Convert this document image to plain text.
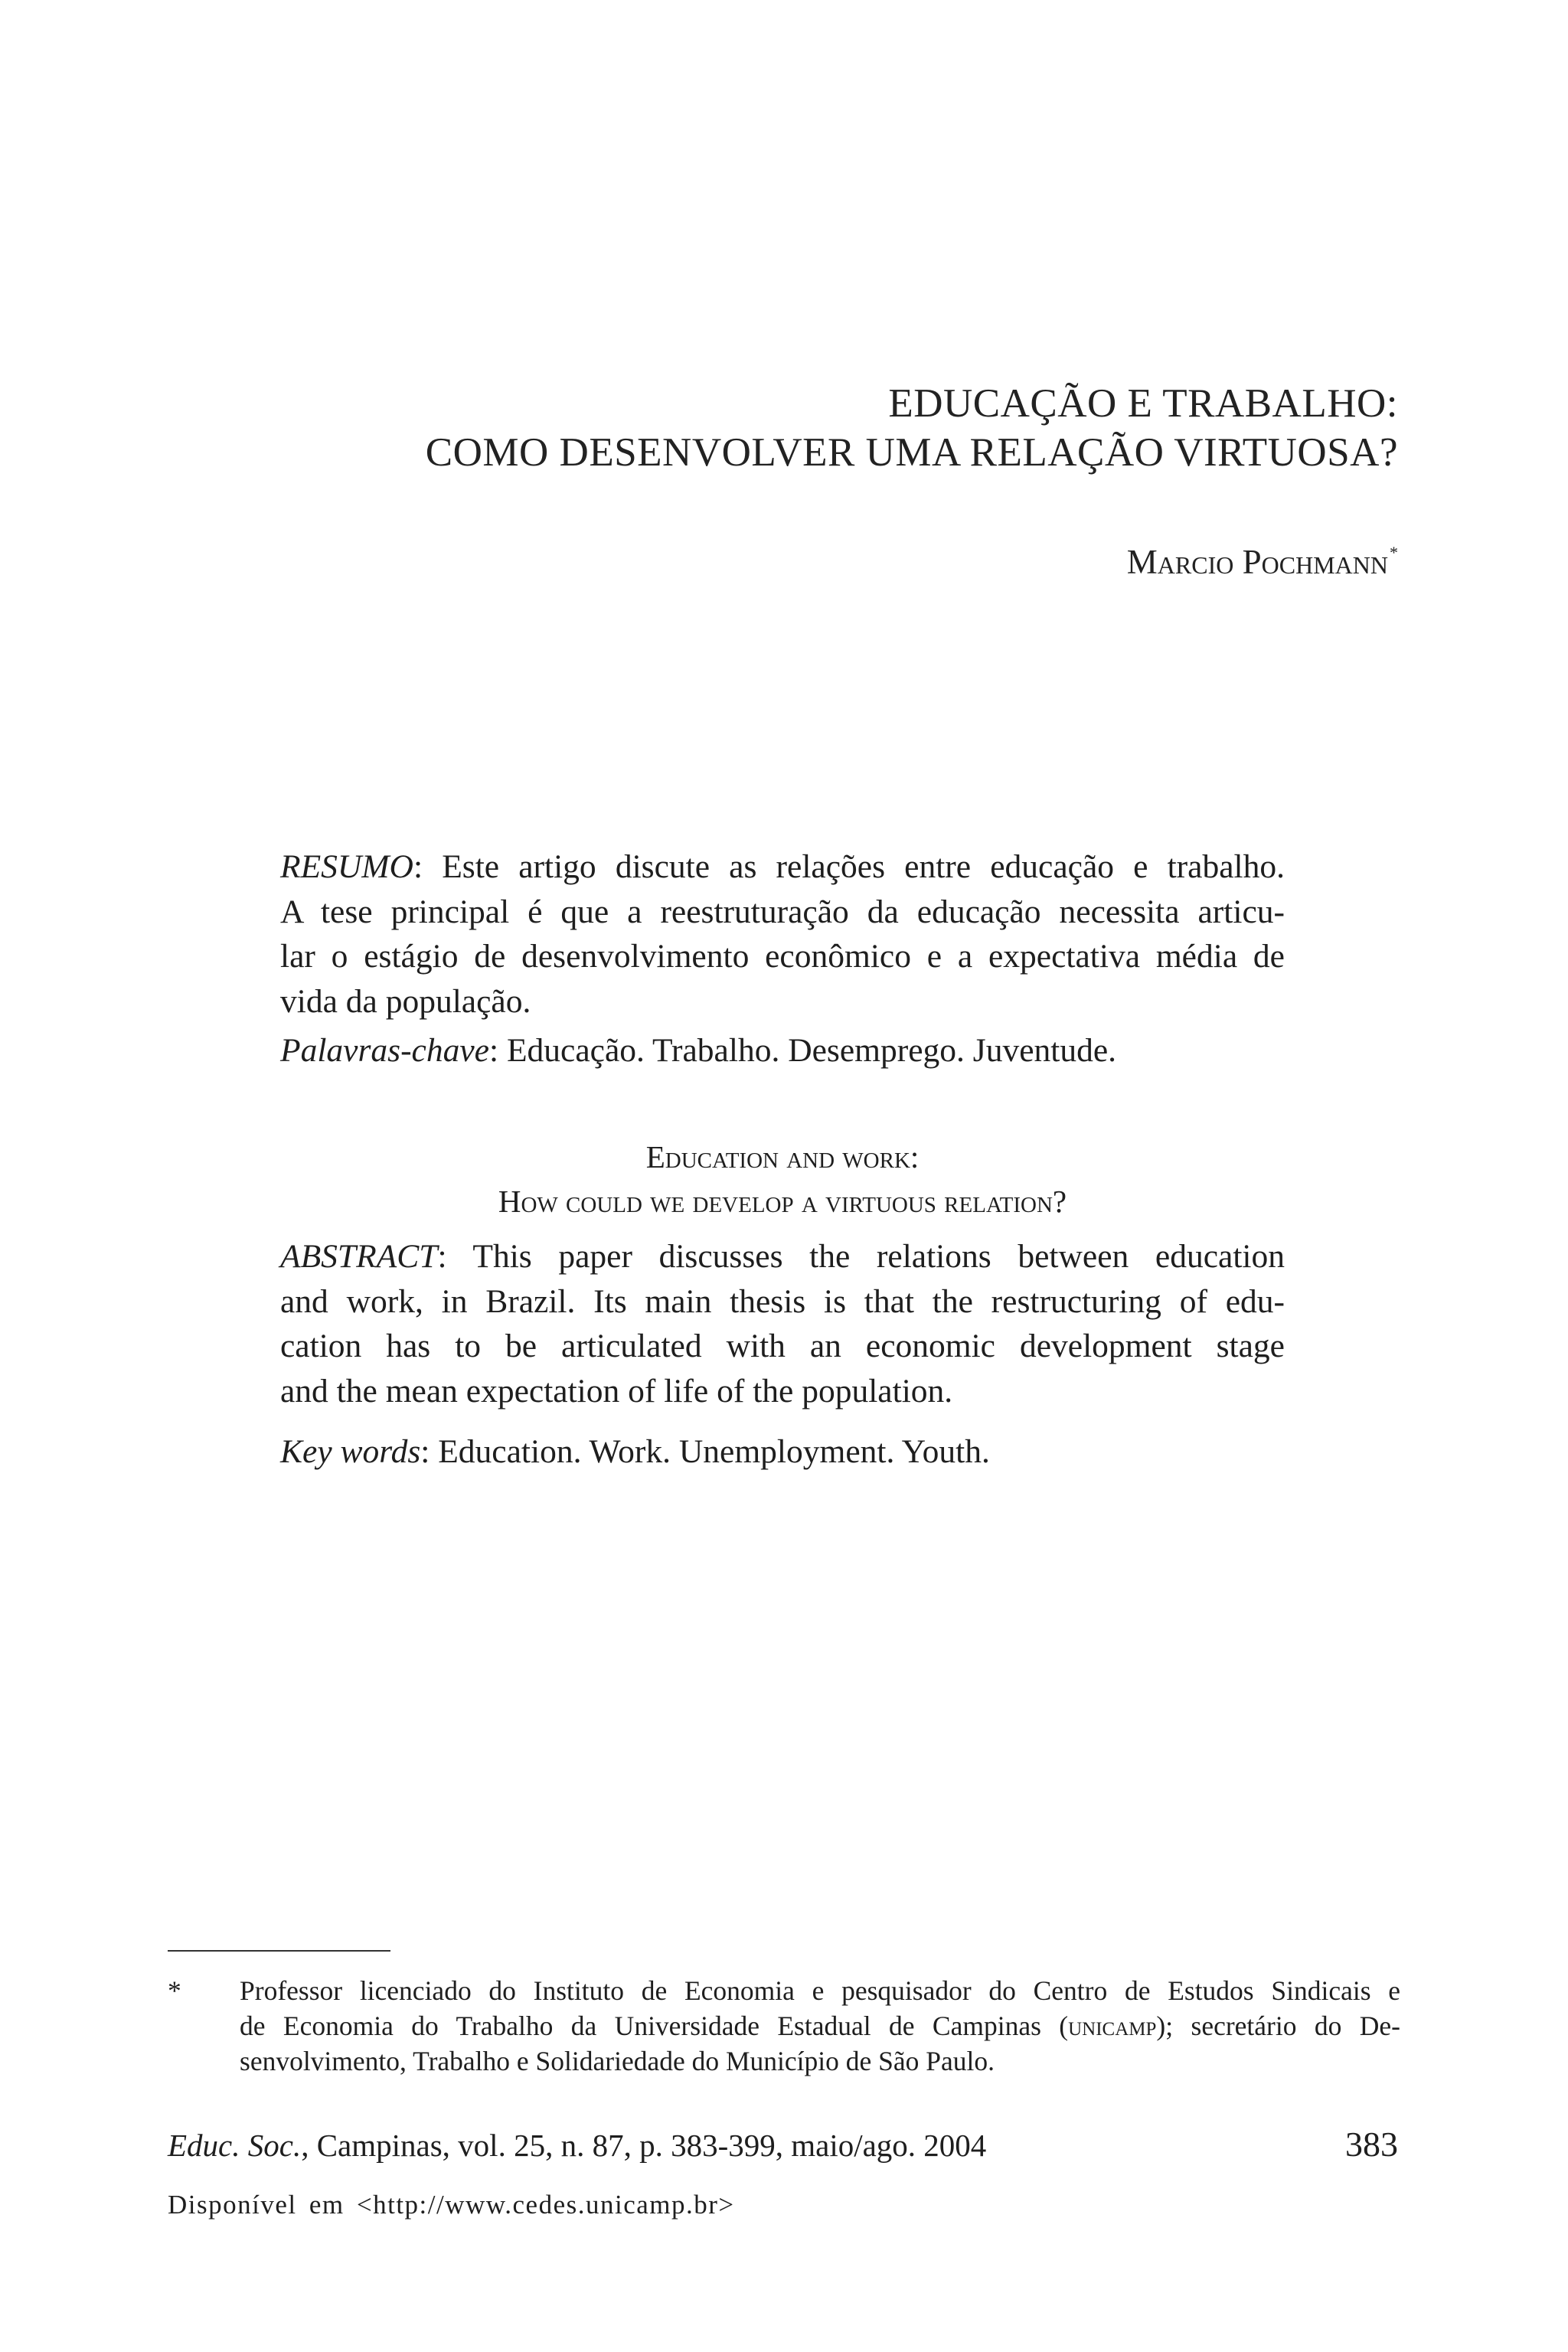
EDUCAÇÃO E TRABALHO:
COMO DESENVOLVER UMA RELAÇÃO VIRTUOSA?
Marcio Pochmann*
RESUMO: Este artigo discute as relações entre educação e trabalho.
A tese principal é que a reestruturação da educação necessita articu-
lar o estágio de desenvolvimento econômico e a expectativa média de
vida da população.
Palavras-chave: Educação. Trabalho. Desemprego. Juventude.
Education and work:
How could we develop a virtuous relation?
ABSTRACT: This paper discusses the relations between education
and work, in Brazil. Its main thesis is that the restructuring of edu-
cation has to be articulated with an economic development stage
and the mean expectation of life of the population.
Key words: Education. Work. Unemployment. Youth.
* Professor licenciado do Instituto de Economia e pesquisador do Centro de Estudos Sindicais e
de Economia do Trabalho da Universidade Estadual de Campinas (unicamp); secretário do De-
senvolvimento, Trabalho e Solidariedade do Município de São Paulo.
Educ. Soc., Campinas, vol. 25, n. 87, p. 383-399, maio/ago. 2004	383
Disponível em <http://www.cedes.unicamp.br>
